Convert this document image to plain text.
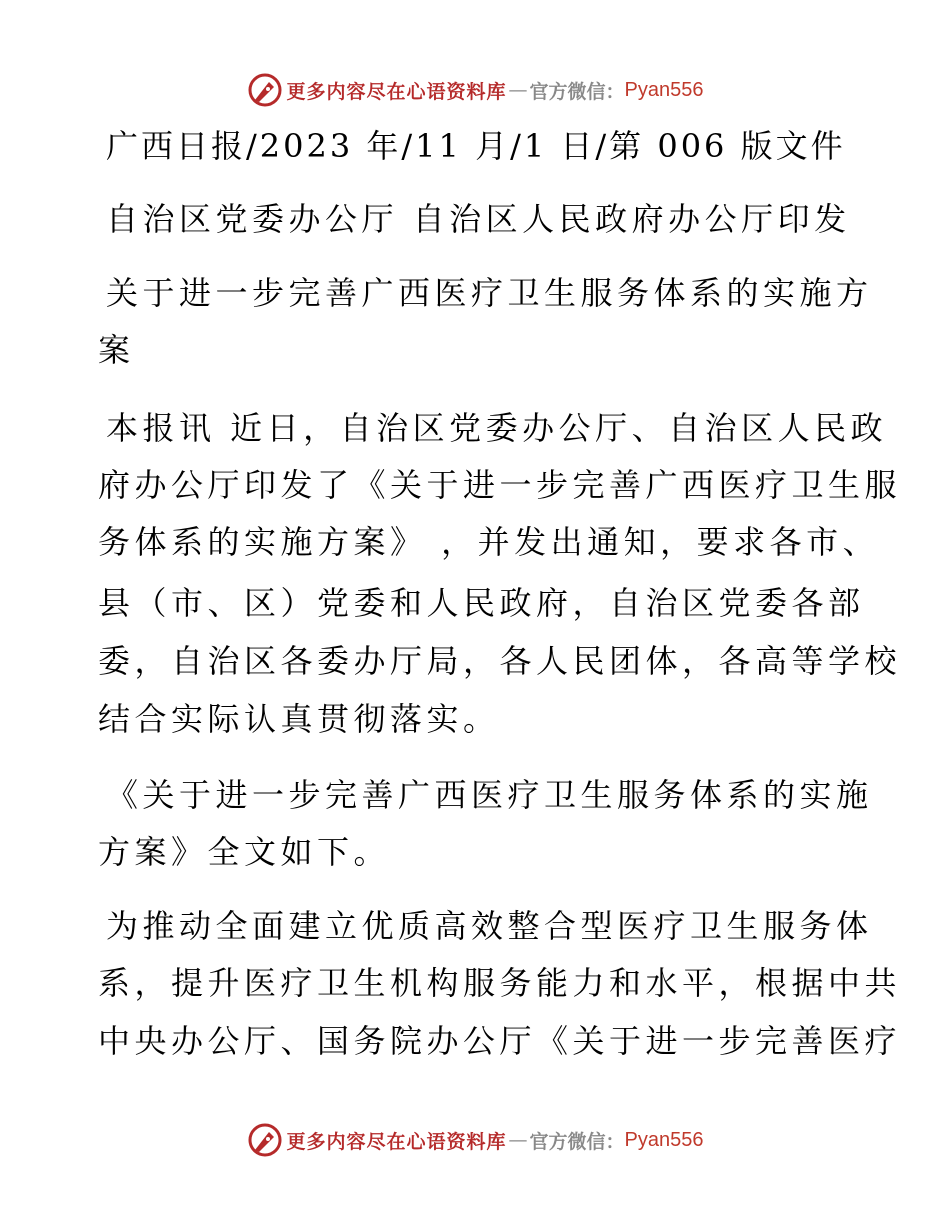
更多内容尽在心语资料库 — 官方微信： Pyan556
广西日报/2023 年/11 月/1 日/第 006 版文件
自治区党委办公厅 自治区人民政府办公厅印发
关于进一步完善广西医疗卫生服务体系的实施方
案
本报讯 近日，自治区党委办公厅、自治区人民政
府办公厅印发了《关于进一步完善广西医疗卫生服
务体系的实施方案》 ，并发出通知，要求各市、
县（市、区）党委和人民政府，自治区党委各部
委，自治区各委办厅局，各人民团体，各高等学校
结合实际认真贯彻落实。
《关于进一步完善广西医疗卫生服务体系的实施
方案》全文如下。
为推动全面建立优质高效整合型医疗卫生服务体
系，提升医疗卫生机构服务能力和水平，根据中共
中央办公厅、国务院办公厅《关于进一步完善医疗
更多内容尽在心语资料库 — 官方微信： Pyan556
